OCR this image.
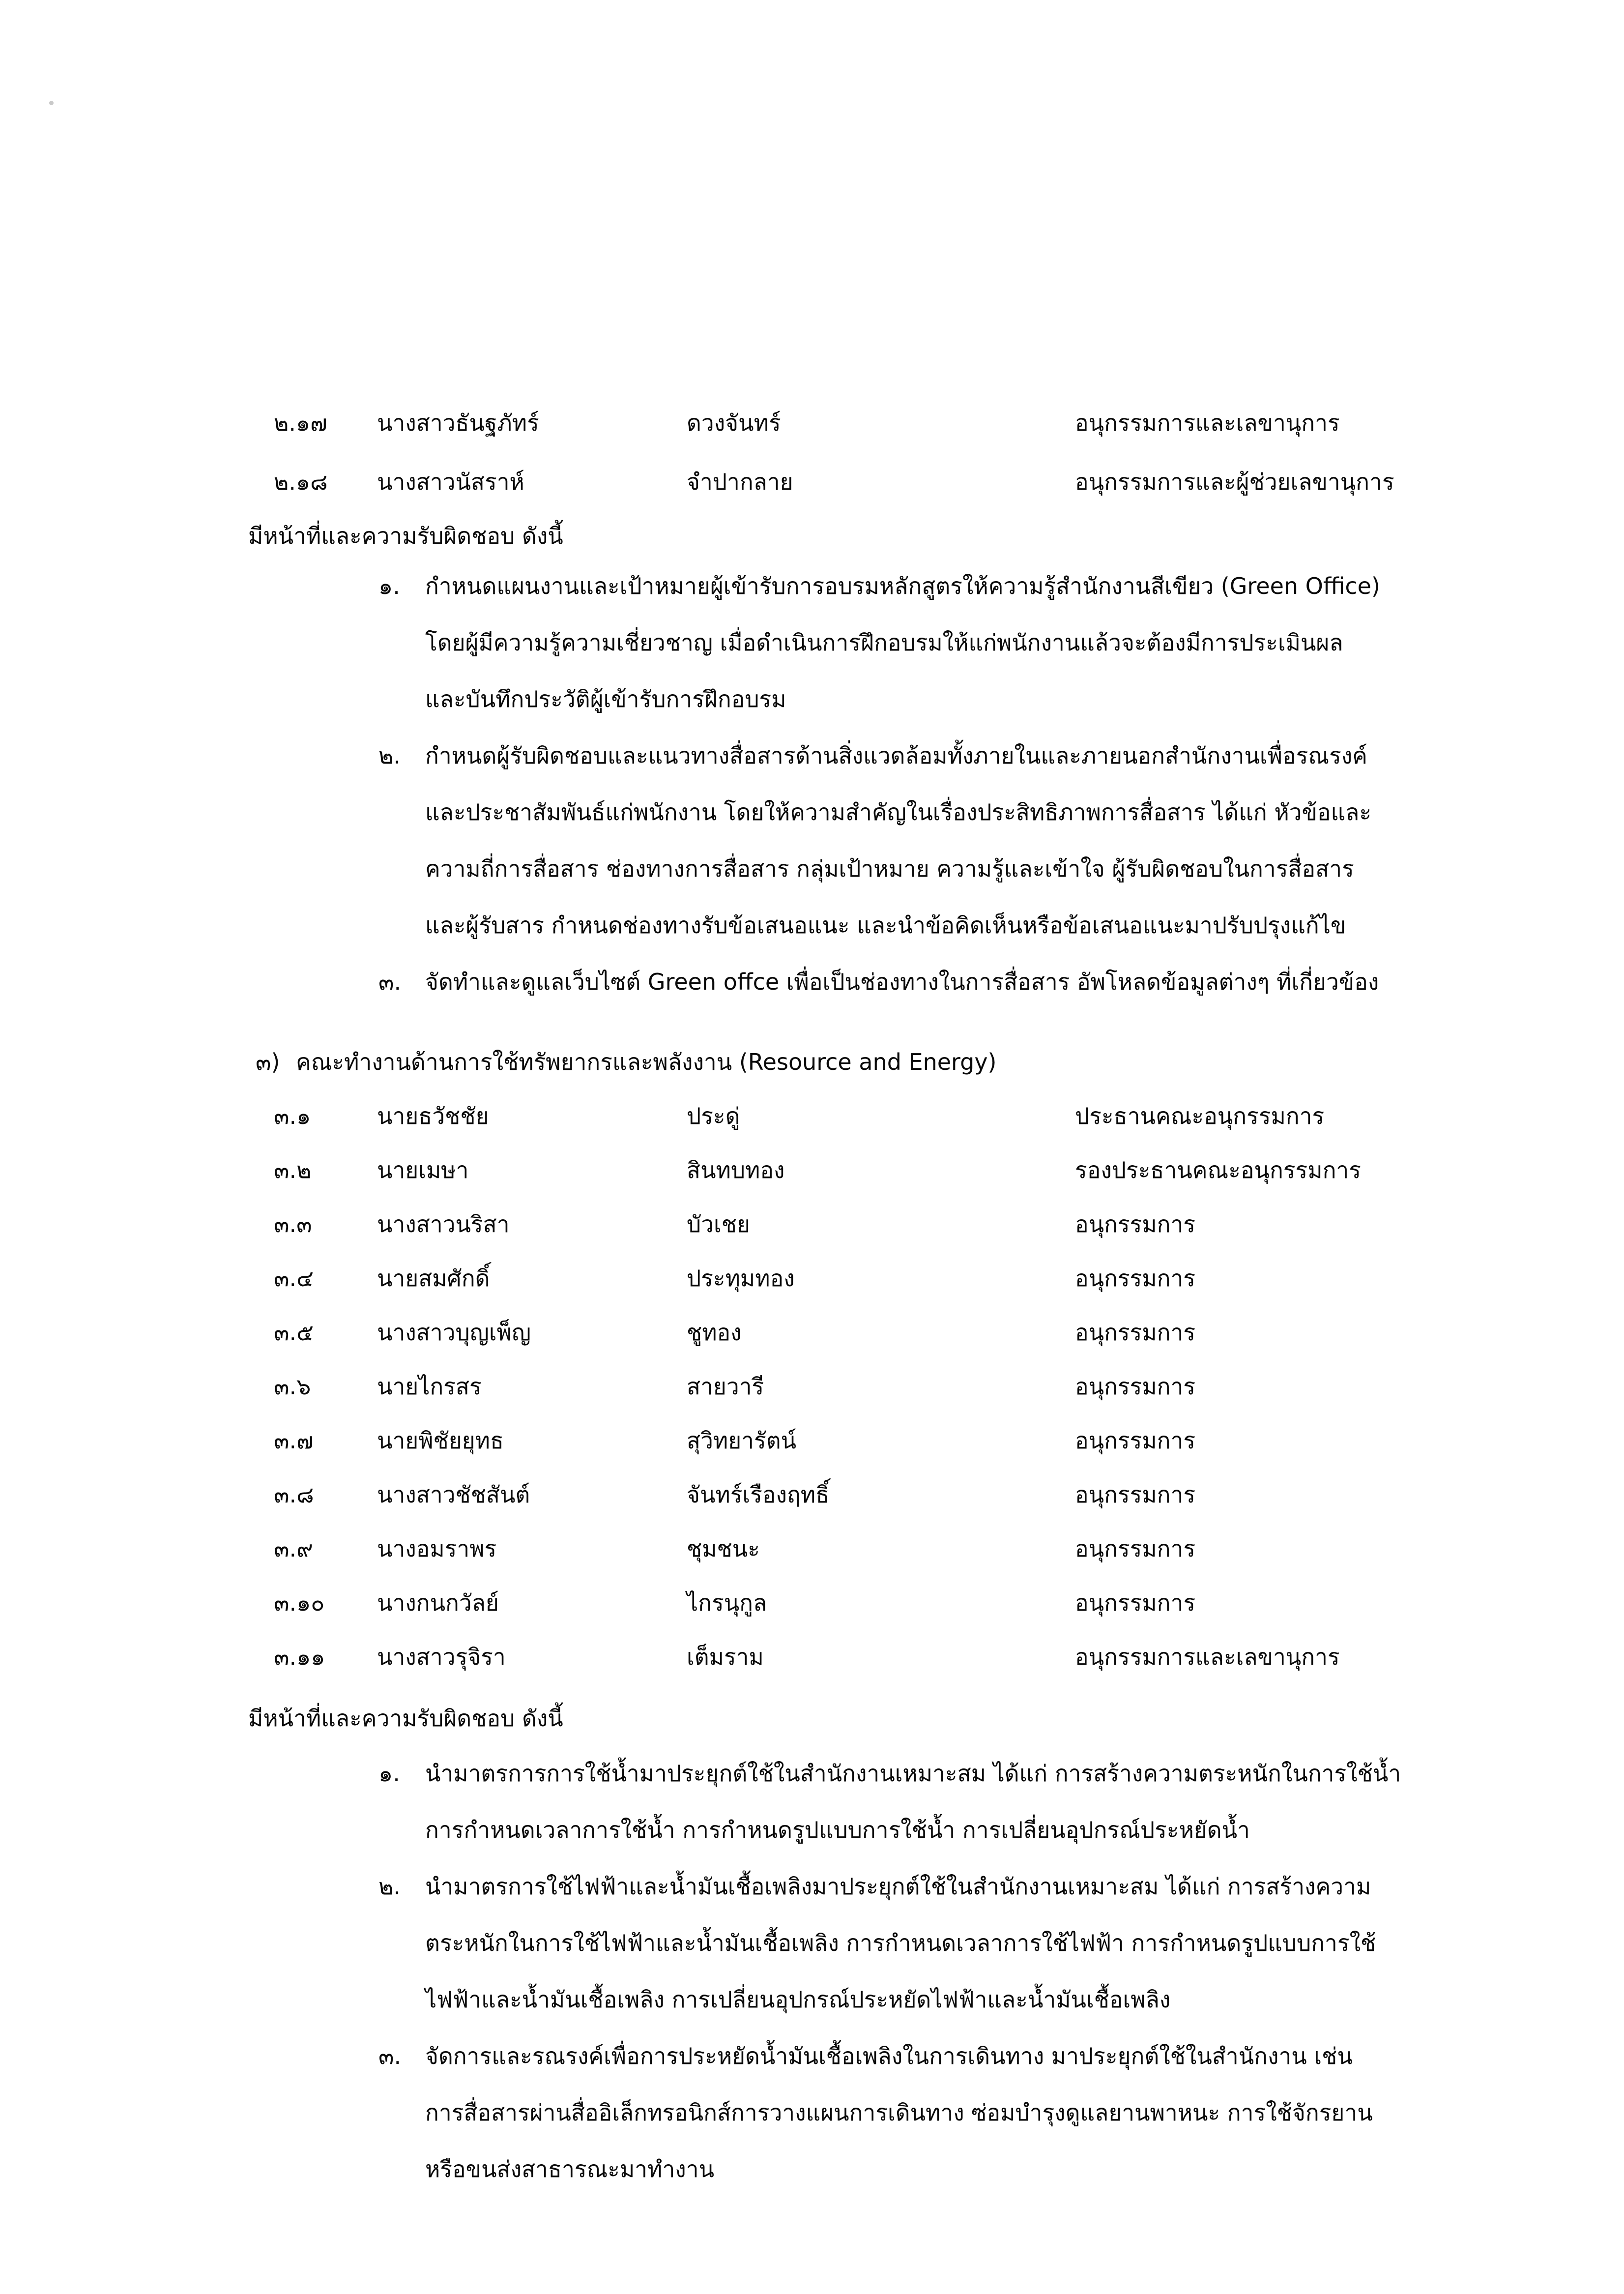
๒.๑๗	นางสาวธันฐภัทร์	ดวงจันทร์	อนุกรรมการและเลขานุการ
๒.๑๘	นางสาวนัสราห์	จำปากลาย	อนุกรรมการและผู้ช่วยเลขานุการ
มีหน้าที่และความรับผิดชอบ ดังนี้
๑.	กำหนดแผนงานและเป้าหมายผู้เข้ารับการอบรมหลักสูตรให้ความรู้สำนักงานสีเขียว (Green Office)
โดยผู้มีความรู้ความเชี่ยวชาญ เมื่อดำเนินการฝึกอบรมให้แก่พนักงานแล้วจะต้องมีการประเมินผล
และบันทึกประวัติผู้เข้ารับการฝึกอบรม
๒.	กำหนดผู้รับผิดชอบและแนวทางสื่อสารด้านสิ่งแวดล้อมทั้งภายในและภายนอกสำนักงานเพื่อรณรงค์
และประชาสัมพันธ์แก่พนักงาน โดยให้ความสำคัญในเรื่องประสิทธิภาพการสื่อสาร ได้แก่ หัวข้อและ
ความถี่การสื่อสาร ช่องทางการสื่อสาร กลุ่มเป้าหมาย ความรู้และเข้าใจ ผู้รับผิดชอบในการสื่อสาร
และผู้รับสาร กำหนดช่องทางรับข้อเสนอแนะ และนำข้อคิดเห็นหรือข้อเสนอแนะมาปรับปรุงแก้ไข
๓.	จัดทำและดูแลเว็บไซต์ Green offce เพื่อเป็นช่องทางในการสื่อสาร อัพโหลดข้อมูลต่างๆ ที่เกี่ยวข้อง
๓) คณะทำงานด้านการใช้ทรัพยากรและพลังงาน (Resource and Energy)
๓.๑	นายธวัชชัย	ประดู่	ประธานคณะอนุกรรมการ
๓.๒	นายเมษา	สินทบทอง	รองประธานคณะอนุกรรมการ
๓.๓	นางสาวนริสา	บัวเชย	อนุกรรมการ
๓.๔	นายสมศักดิ์	ประทุมทอง	อนุกรรมการ
๓.๕	นางสาวบุญเพ็ญ	ชูทอง	อนุกรรมการ
๓.๖	นายไกรสร	สายวารี	อนุกรรมการ
๓.๗	นายพิชัยยุทธ	สุวิทยารัตน์	อนุกรรมการ
๓.๘	นางสาวชัชสันต์	จันทร์เรืองฤทธิ์	อนุกรรมการ
๓.๙	นางอมราพร	ชุมชนะ	อนุกรรมการ
๓.๑๐	นางกนกวัลย์	ไกรนุกูล	อนุกรรมการ
๓.๑๑	นางสาวรุจิรา	เต็มราม	อนุกรรมการและเลขานุการ
มีหน้าที่และความรับผิดชอบ ดังนี้
๑.	นำมาตรการการใช้น้ำมาประยุกต์ใช้ในสำนักงานเหมาะสม ได้แก่ การสร้างความตระหนักในการใช้น้ำ
การกำหนดเวลาการใช้น้ำ การกำหนดรูปแบบการใช้น้ำ การเปลี่ยนอุปกรณ์ประหยัดน้ำ
๒.	นำมาตรการใช้ไฟฟ้าและน้ำมันเชื้อเพลิงมาประยุกต์ใช้ในสำนักงานเหมาะสม ได้แก่ การสร้างความ
ตระหนักในการใช้ไฟฟ้าและน้ำมันเชื้อเพลิง การกำหนดเวลาการใช้ไฟฟ้า การกำหนดรูปแบบการใช้
ไฟฟ้าและน้ำมันเชื้อเพลิง การเปลี่ยนอุปกรณ์ประหยัดไฟฟ้าและน้ำมันเชื้อเพลิง
๓.	จัดการและรณรงค์เพื่อการประหยัดน้ำมันเชื้อเพลิงในการเดินทาง มาประยุกต์ใช้ในสำนักงาน เช่น
การสื่อสารผ่านสื่ออิเล็กทรอนิกส์การวางแผนการเดินทาง ซ่อมบำรุงดูแลยานพาหนะ การใช้จักรยาน
หรือขนส่งสาธารณะมาทำงาน
